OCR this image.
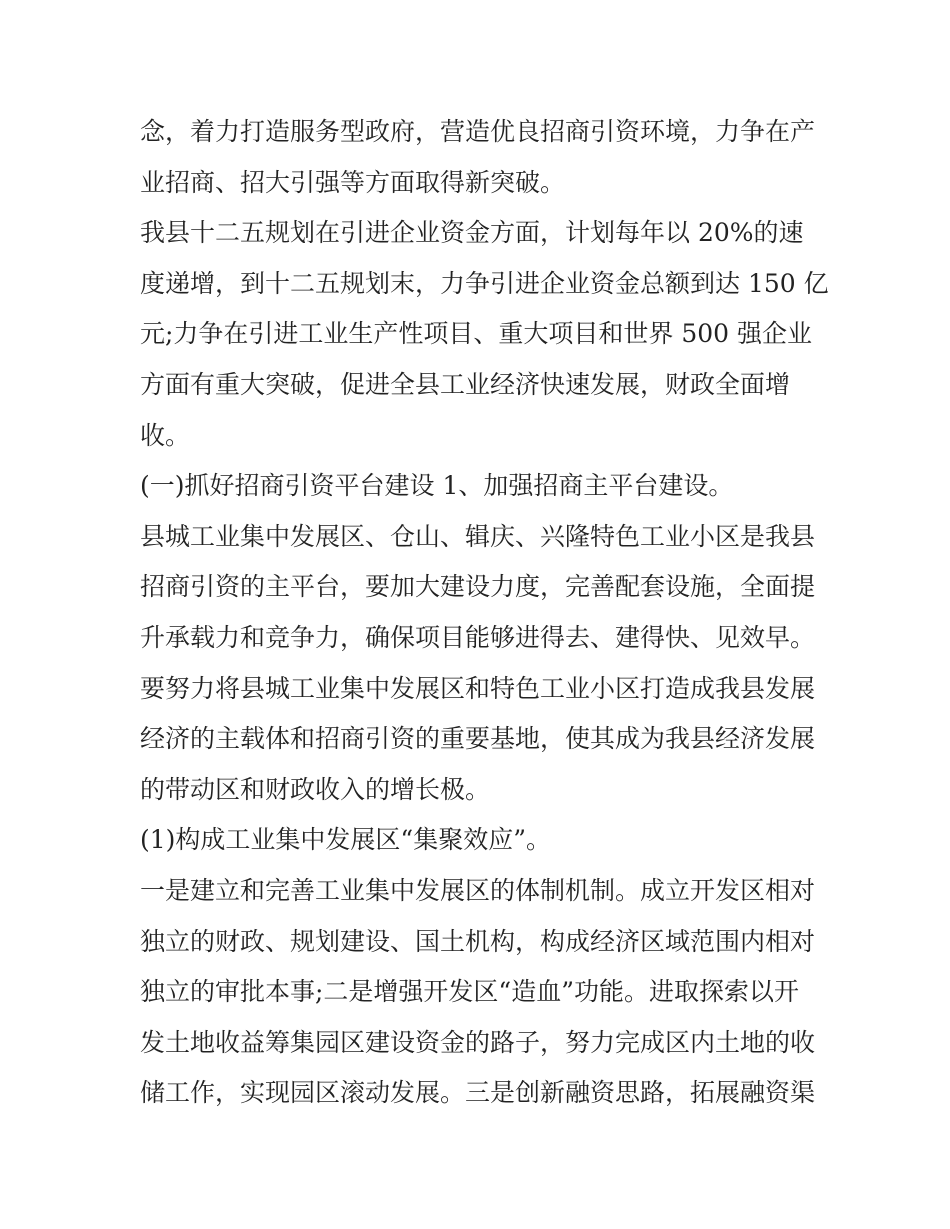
念，着力打造服务型政府，营造优良招商引资环境，力争在产
业招商、招大引强等方面取得新突破。
我县十二五规划在引进企业资金方面，计划每年以 20%的速
度递增，到十二五规划末，力争引进企业资金总额到达 150 亿
元;力争在引进工业生产性项目、重大项目和世界 500 强企业
方面有重大突破，促进全县工业经济快速发展，财政全面增
收。
(一)抓好招商引资平台建设 1、加强招商主平台建设。
县城工业集中发展区、仓山、辑庆、兴隆特色工业小区是我县
招商引资的主平台，要加大建设力度，完善配套设施，全面提
升承载力和竞争力，确保项目能够进得去、建得快、见效早。
要努力将县城工业集中发展区和特色工业小区打造成我县发展
经济的主载体和招商引资的重要基地，使其成为我县经济发展
的带动区和财政收入的增长极。
(1)构成工业集中发展区“集聚效应”。
一是建立和完善工业集中发展区的体制机制。成立开发区相对
独立的财政、规划建设、国土机构，构成经济区域范围内相对
独立的审批本事;二是增强开发区“造血”功能。进取探索以开
发土地收益筹集园区建设资金的路子，努力完成区内土地的收
储工作，实现园区滚动发展。三是创新融资思路，拓展融资渠
